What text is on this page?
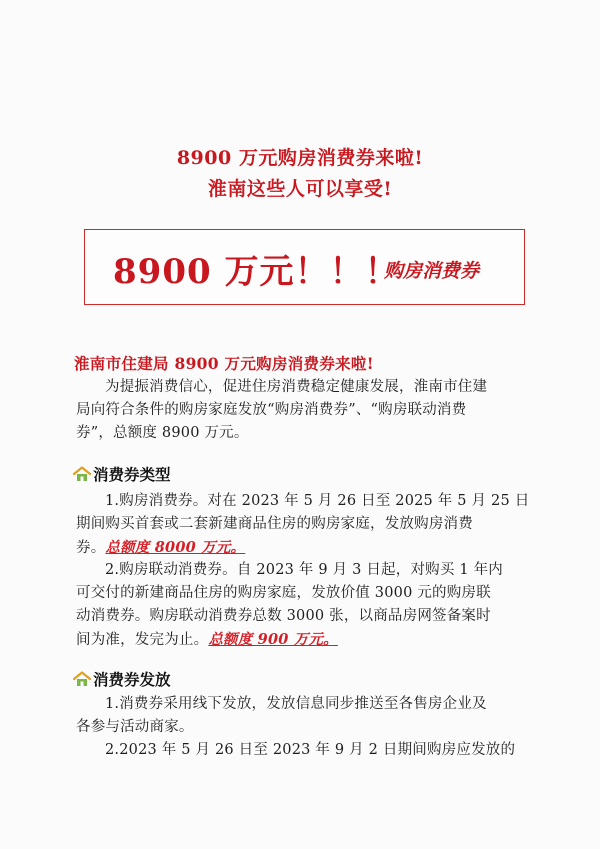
8900 万元购房消费券来啦!
淮南这些人可以享受!
8900 万元！！！
购房消费券
淮南市住建局 8900 万元购房消费券来啦!
为提振消费信心，促进住房消费稳定健康发展，淮南市住建
局向符合条件的购房家庭发放“购房消费券”、“购房联动消费
券”，总额度 8900 万元。
消费券类型
1.购房消费券。对在 2023 年 5 月 26 日至 2025 年 5 月 25 日
期间购买首套或二套新建商品住房的购房家庭，发放购房消费
券。总额度 8000 万元。
2.购房联动消费券。自 2023 年 9 月 3 日起，对购买 1 年内
可交付的新建商品住房的购房家庭，发放价值 3000 元的购房联
动消费券。购房联动消费券总数 3000 张，以商品房网签备案时
间为准，发完为止。总额度 900 万元。
消费券发放
1.消费券采用线下发放，发放信息同步推送至各售房企业及
各参与活动商家。
2.2023 年 5 月 26 日至 2023 年 9 月 2 日期间购房应发放的
